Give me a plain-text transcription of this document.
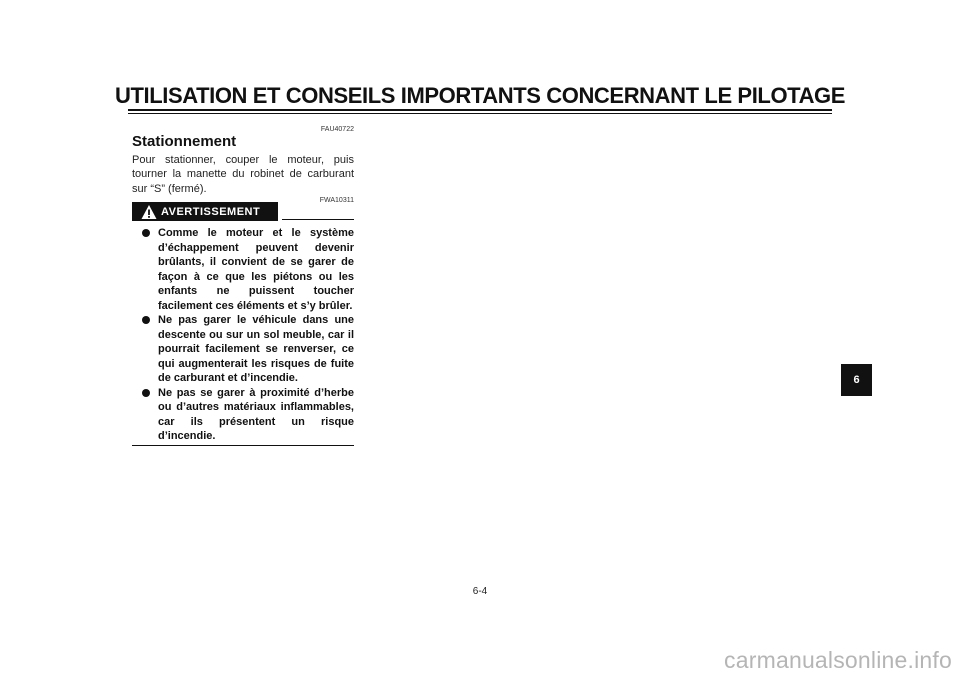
UTILISATION ET CONSEILS IMPORTANTS CONCERNANT LE PILOTAGE
FAU40722
Stationnement
Pour stationner, couper le moteur, puis tourner la manette du robinet de carburant sur “S” (fermé).
FWA10311
AVERTISSEMENT
Comme le moteur et le système d’échappement peuvent devenir brûlants, il convient de se garer de façon à ce que les piétons ou les enfants ne puissent toucher facilement ces éléments et s’y brûler.
Ne pas garer le véhicule dans une descente ou sur un sol meuble, car il pourrait facilement se renverser, ce qui augmenterait les risques de fuite de carburant et d’incendie.
Ne pas se garer à proximité d’herbe ou d’autres matériaux inflammables, car ils présentent un risque d’incendie.
6-4
6
carmanualsonline.info
